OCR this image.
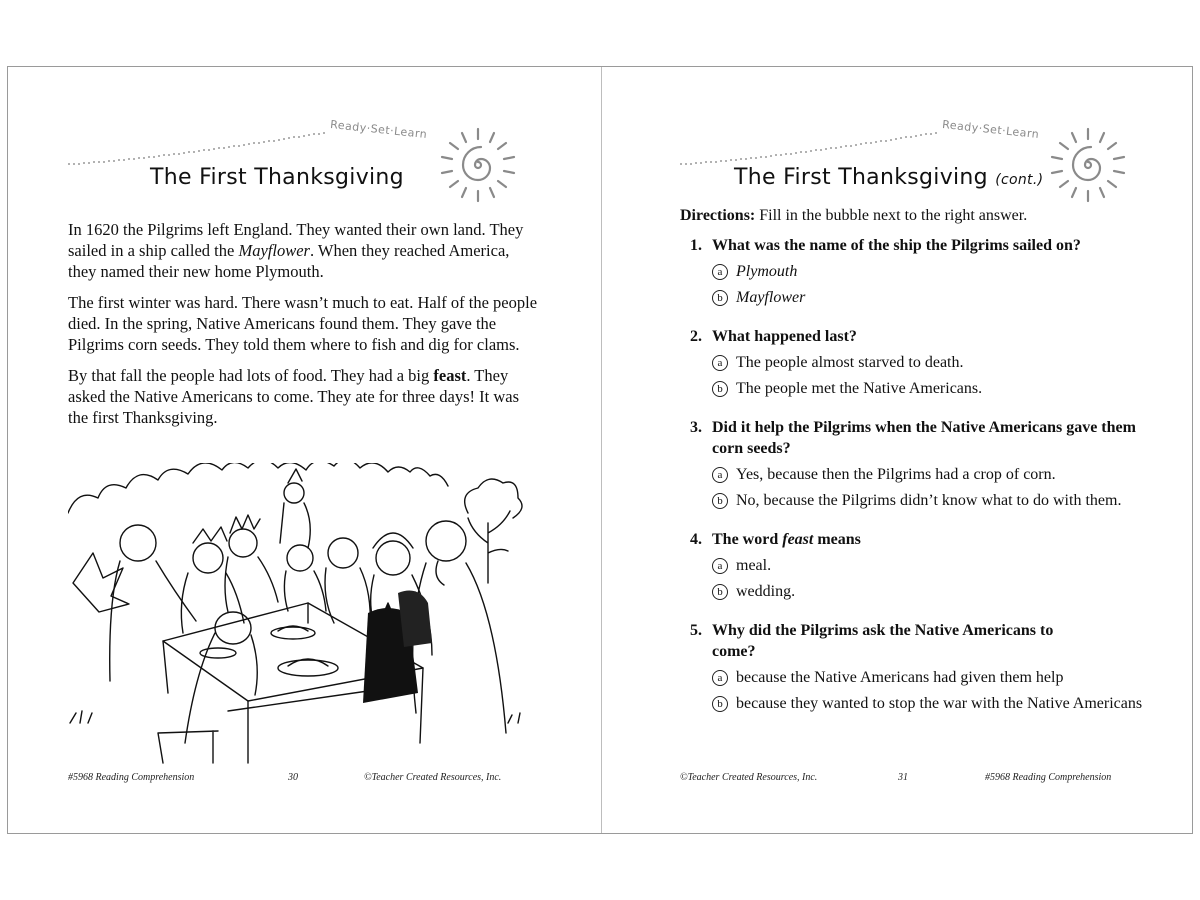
Ready·Set·Learn
The First Thanksgiving

In 1620 the Pilgrims left England. They wanted their own land. They sailed in a ship called the Mayflower. When they reached America, they named their new home Plymouth.

The first winter was hard. There wasn’t much to eat. Half of the people died. In the spring, Native Americans found them. They gave the Pilgrims corn seeds. They told them where to fish and dig for clams.

By that fall the people had lots of food. They had a big feast. They asked the Native Americans to come. They ate for three days! It was the first Thanksgiving.

#5968 Reading Comprehension	30	©Teacher Created Resources, Inc.
Ready·Set·Learn
The First Thanksgiving (cont.)
Directions: Fill in the bubble next to the right answer.
1. What was the name of the ship the Pilgrims sailed on?
a Plymouth
b Mayflower
2. What happened last?
a The people almost starved to death.
b The people met the Native Americans.
3. Did it help the Pilgrims when the Native Americans gave them corn seeds?
a Yes, because then the Pilgrims had a crop of corn.
b No, because the Pilgrims didn’t know what to do with them.
4. The word feast means
a meal.
b wedding.
5. Why did the Pilgrims ask the Native Americans to come?
a because the Native Americans had given them help
b because they wanted to stop the war with the Native Americans
©Teacher Created Resources, Inc.	31	#5968 Reading Comprehension
